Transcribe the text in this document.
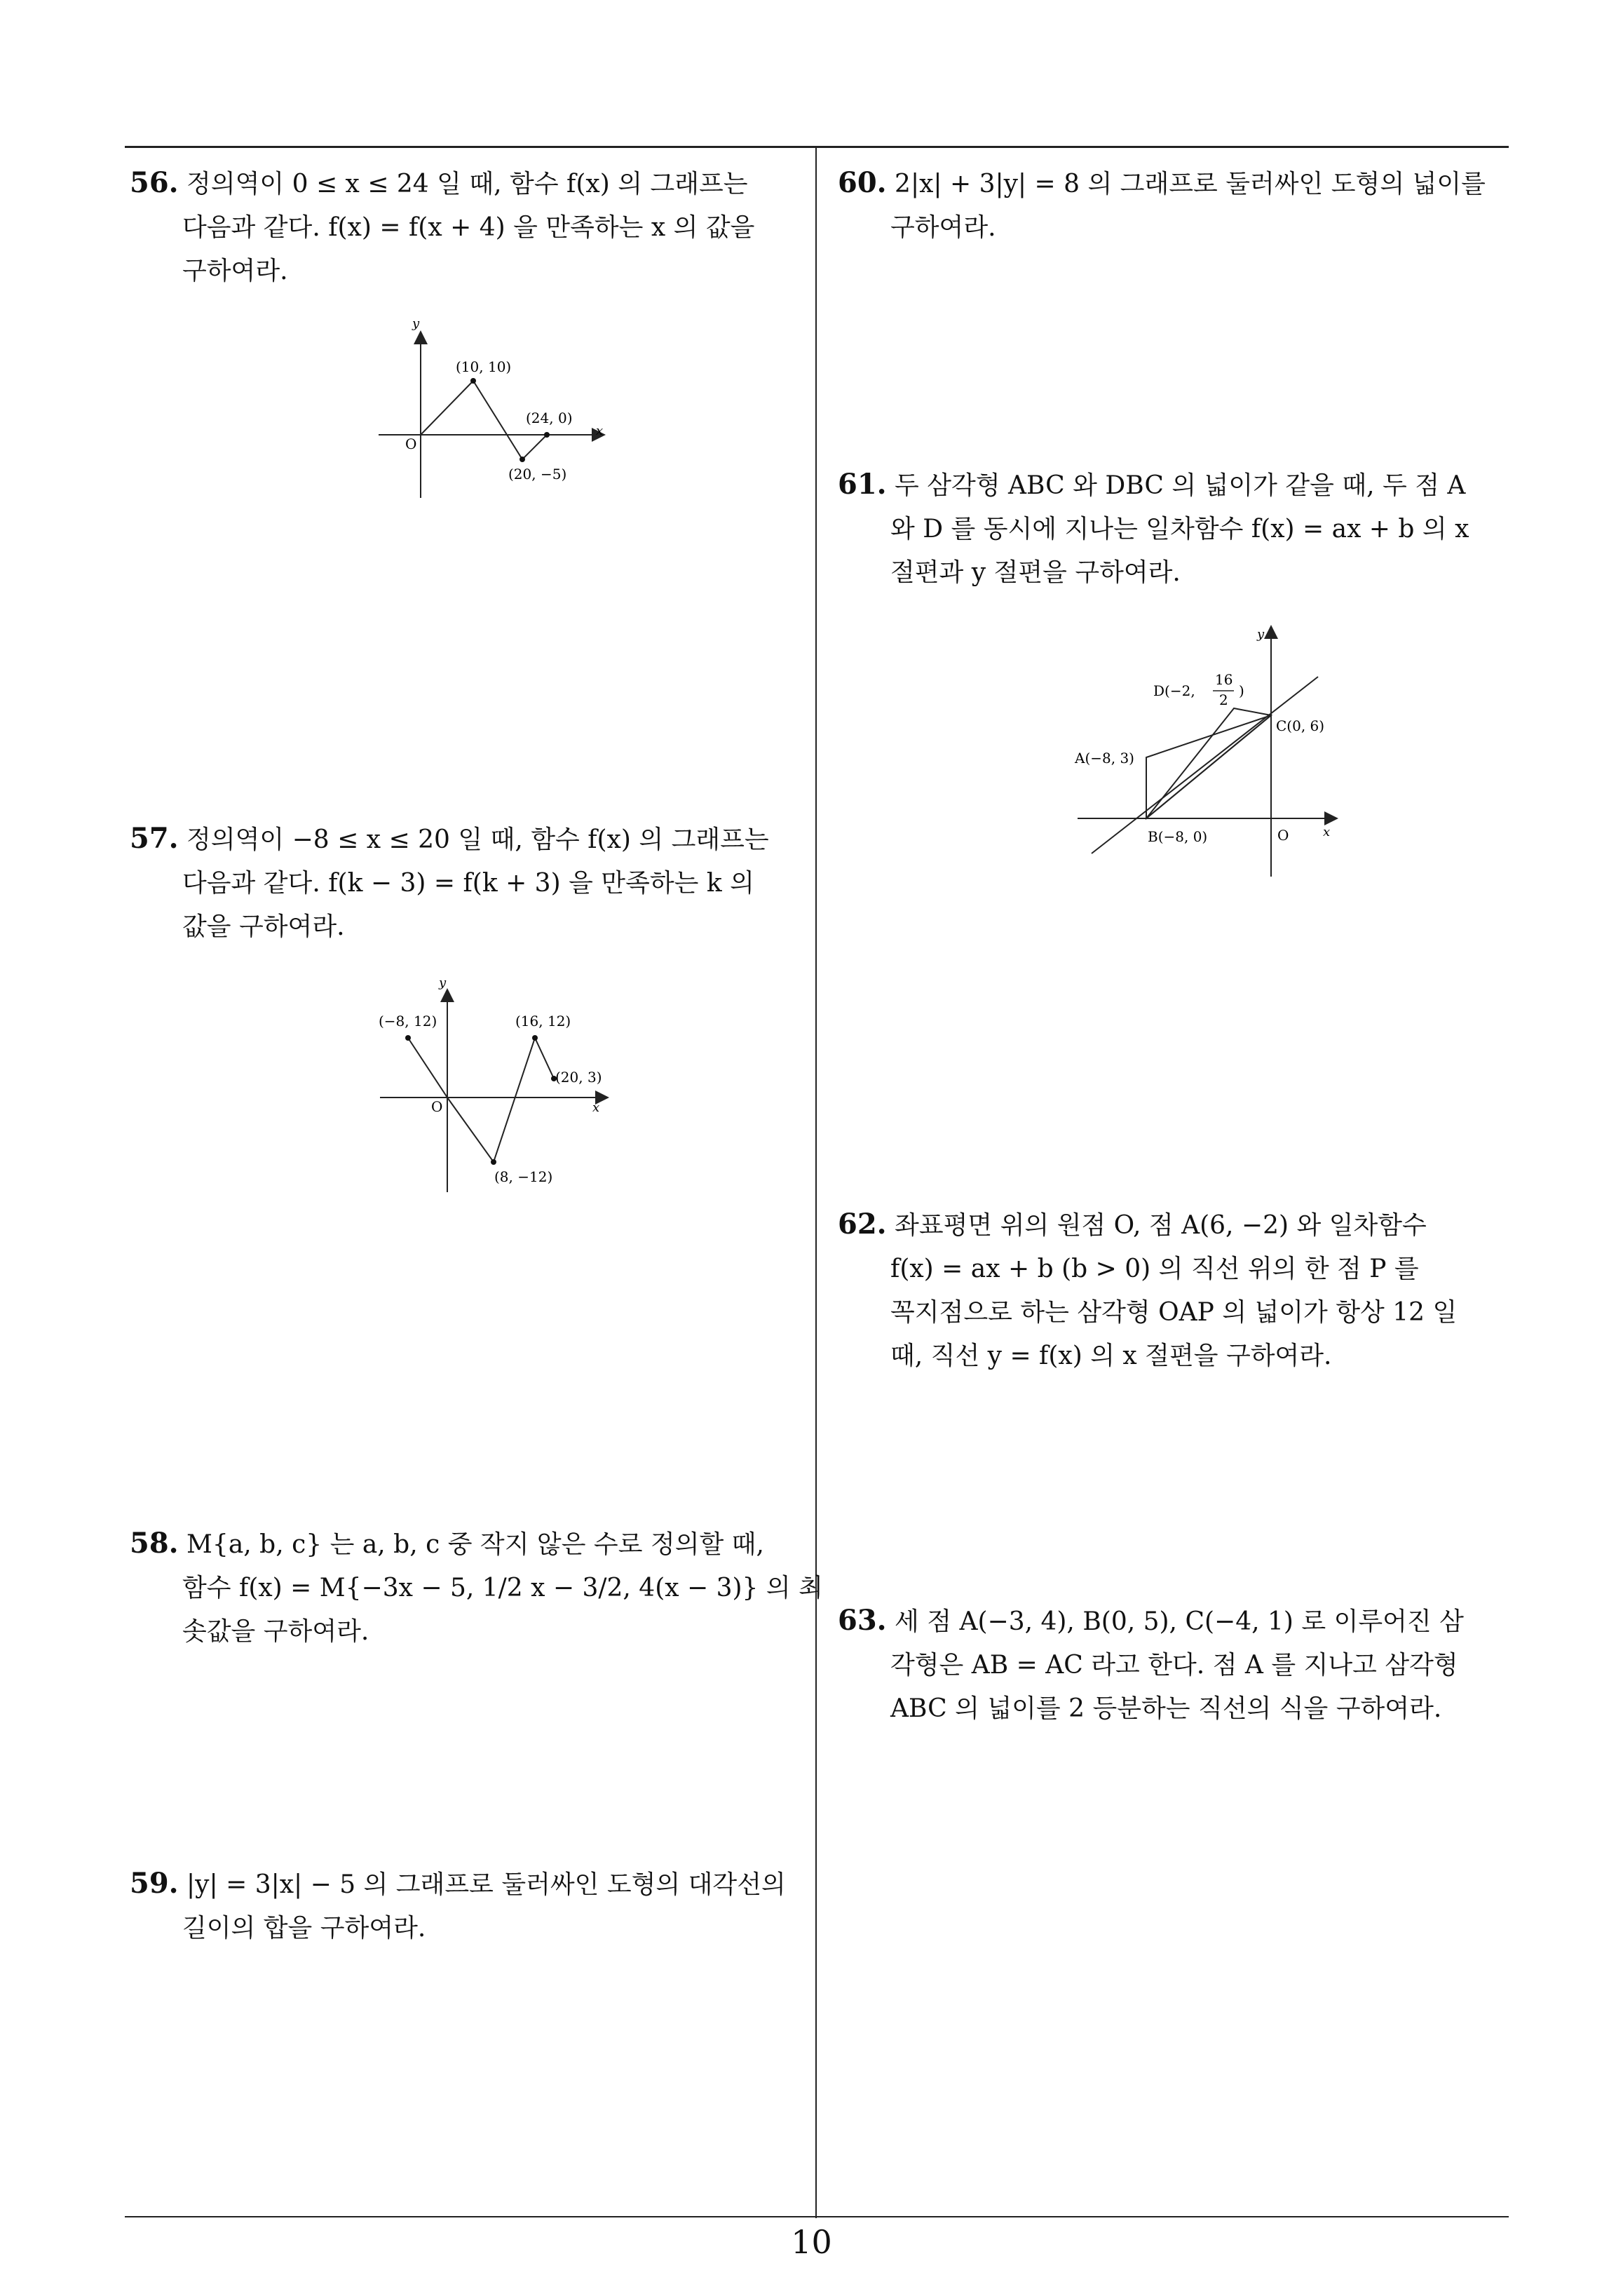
56. 정의역이 0 ≤ x ≤ 24 일 때, 함수 f(x) 의 그래프는
다음과 같다. f(x) = f(x + 4) 을 만족하는 x 의 값을
구하여라.
y
x
O
(10, 10)
(24, 0)
(20, −5)
57. 정의역이 −8 ≤ x ≤ 20 일 때, 함수 f(x) 의 그래프는
다음과 같다. f(k − 3) = f(k + 3) 을 만족하는 k 의
값을 구하여라.
y
x
O
(−8, 12)	(16, 12)
(20, 3)
(8, −12)
58. M{a, b, c} 는 a, b, c 중 작지 않은 수로 정의할 때,
함수 f(x) = M{−3x − 5, 1/2 x − 3/2, 4(x − 3)} 의 최
솟값을 구하여라.
59. |y| = 3|x| − 5 의 그래프로 둘러싸인 도형의 대각선의
길이의 합을 구하여라.
60. 2|x| + 3|y| = 8 의 그래프로 둘러싸인 도형의 넓이를
구하여라.
61. 두 삼각형 ABC 와 DBC 의 넓이가 같을 때, 두 점 A
와 D 를 동시에 지나는 일차함수 f(x) = ax + b 의 x
절편과 y 절편을 구하여라.
y
x
O
D(−2,
16
2
)
A(−8, 3)
B(−8, 0)
C(0, 6)
62. 좌표평면 위의 원점 O, 점 A(6, −2) 와 일차함수
f(x) = ax + b (b > 0) 의 직선 위의 한 점 P 를
꼭지점으로 하는 삼각형 OAP 의 넓이가 항상 12 일
때, 직선 y = f(x) 의 x 절편을 구하여라.
63. 세 점 A(−3, 4), B(0, 5), C(−4, 1) 로 이루어진 삼
각형은 AB = AC 라고 한다. 점 A 를 지나고 삼각형
ABC 의 넓이를 2 등분하는 직선의 식을 구하여라.
10
